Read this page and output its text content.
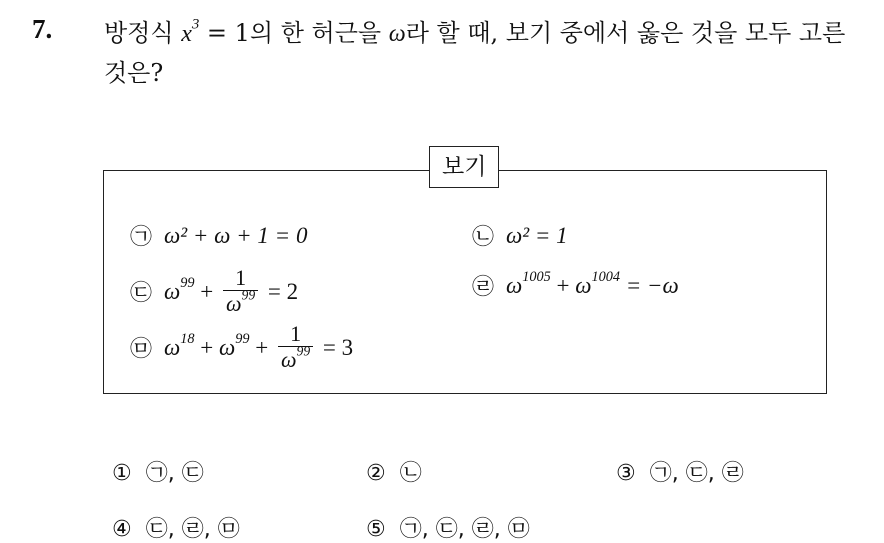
7. 방정식 $x^3 = 1$의 한 허근을 ω라 할 때, 보기 중에서 옳은 것을 모두 고른 것은?
보기
㉠ ω² + ω + 1 = 0	㉡ ω² = 1
㉢ $\omega^{99} + \frac{1}{\omega^{99}} = 2$	㉣ $\omega^{1005} + \omega^{1004} = -\omega$
㉤ $\omega^{18} + \omega^{99} + \frac{1}{\omega^{99}} = 3$
① ㉠, ㉢	② ㉡	③ ㉠, ㉢, ㉣
④ ㉢, ㉣, ㉤	⑤ ㉠, ㉢, ㉣, ㉤
